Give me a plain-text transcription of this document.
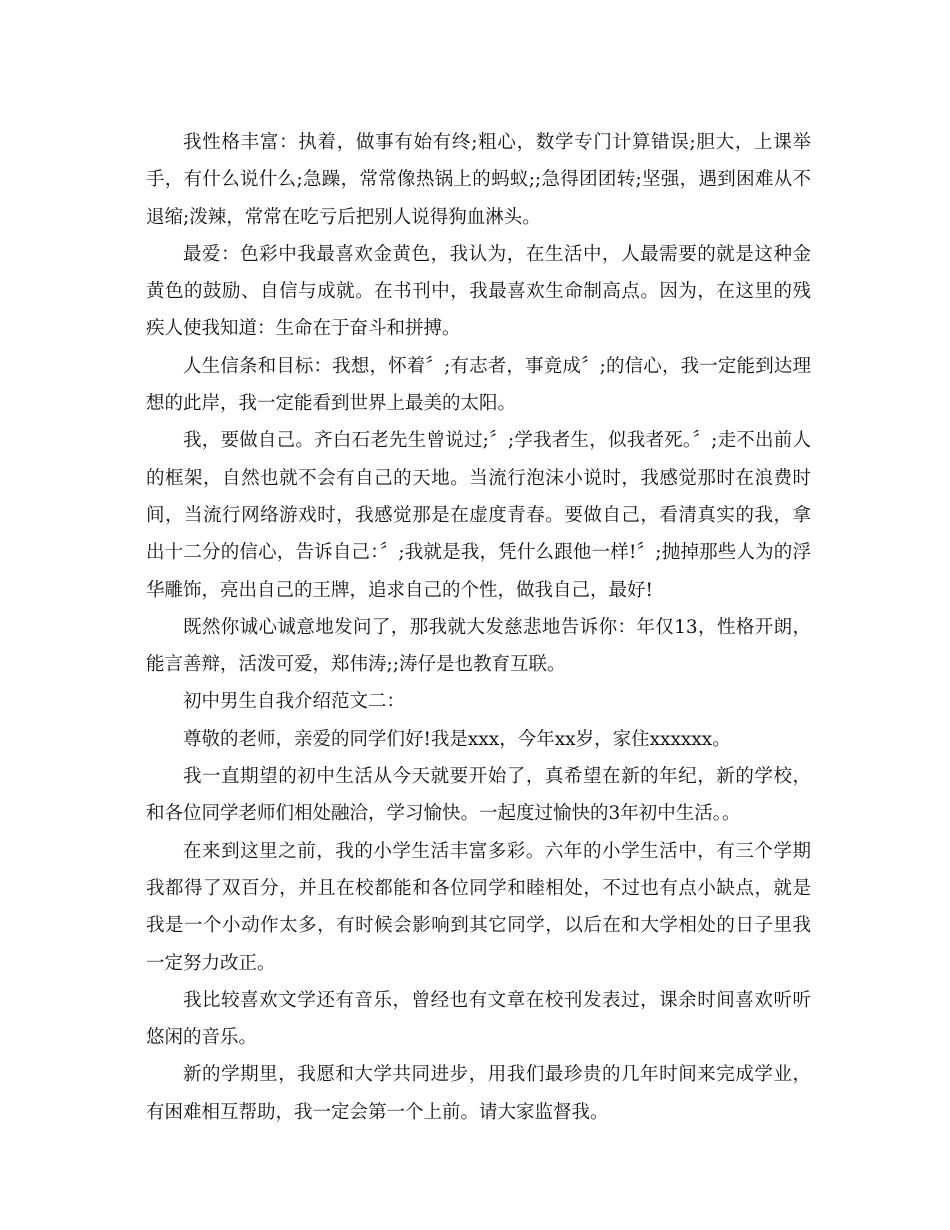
我性格丰富：执着，做事有始有终;粗心，数学专门计算错误;胆大，上课举手，有什么说什么;急躁，常常像热锅上的蚂蚁;;急得团团转;坚强，遇到困难从不退缩;泼辣，常常在吃亏后把别人说得狗血淋头。

最爱：色彩中我最喜欢金黄色，我认为，在生活中，人最需要的就是这种金黄色的鼓励、自信与成就。在书刊中，我最喜欢生命制高点。因为，在这里的残疾人使我知道：生命在于奋斗和拼搏。

人生信条和目标：我想，怀着〞;有志者，事竟成〞;的信心，我一定能到达理想的此岸，我一定能看到世界上最美的太阳。

我，要做自己。齐白石老先生曾说过;〞;学我者生，似我者死。〞;走不出前人的框架，自然也就不会有自己的天地。当流行泡沫小说时，我感觉那时在浪费时间，当流行网络游戏时，我感觉那是在虚度青春。要做自己，看清真实的我，拿出十二分的信心，告诉自己：〞;我就是我，凭什么跟他一样!〞;抛掉那些人为的浮华雕饰，亮出自己的王牌，追求自己的个性，做我自己，最好!

既然你诚心诚意地发问了，那我就大发慈悲地告诉你：年仅13，性格开朗，能言善辩，活泼可爱，郑伟涛;;涛仔是也教育互联。

初中男生自我介绍范文二：

尊敬的老师，亲爱的同学们好!我是xxx，今年xx岁，家住xxxxxx。

我一直期望的初中生活从今天就要开始了，真希望在新的年纪，新的学校，和各位同学老师们相处融洽，学习愉快。一起度过愉快的3年初中生活。。

在来到这里之前，我的小学生活丰富多彩。六年的小学生活中，有三个学期我都得了双百分，并且在校都能和各位同学和睦相处，不过也有点小缺点，就是我是一个小动作太多，有时候会影响到其它同学，以后在和大学相处的日子里我一定努力改正。

我比较喜欢文学还有音乐，曾经也有文章在校刊发表过，课余时间喜欢听听悠闲的音乐。

新的学期里，我愿和大学共同进步，用我们最珍贵的几年时间来完成学业，有困难相互帮助，我一定会第一个上前。请大家监督我。
